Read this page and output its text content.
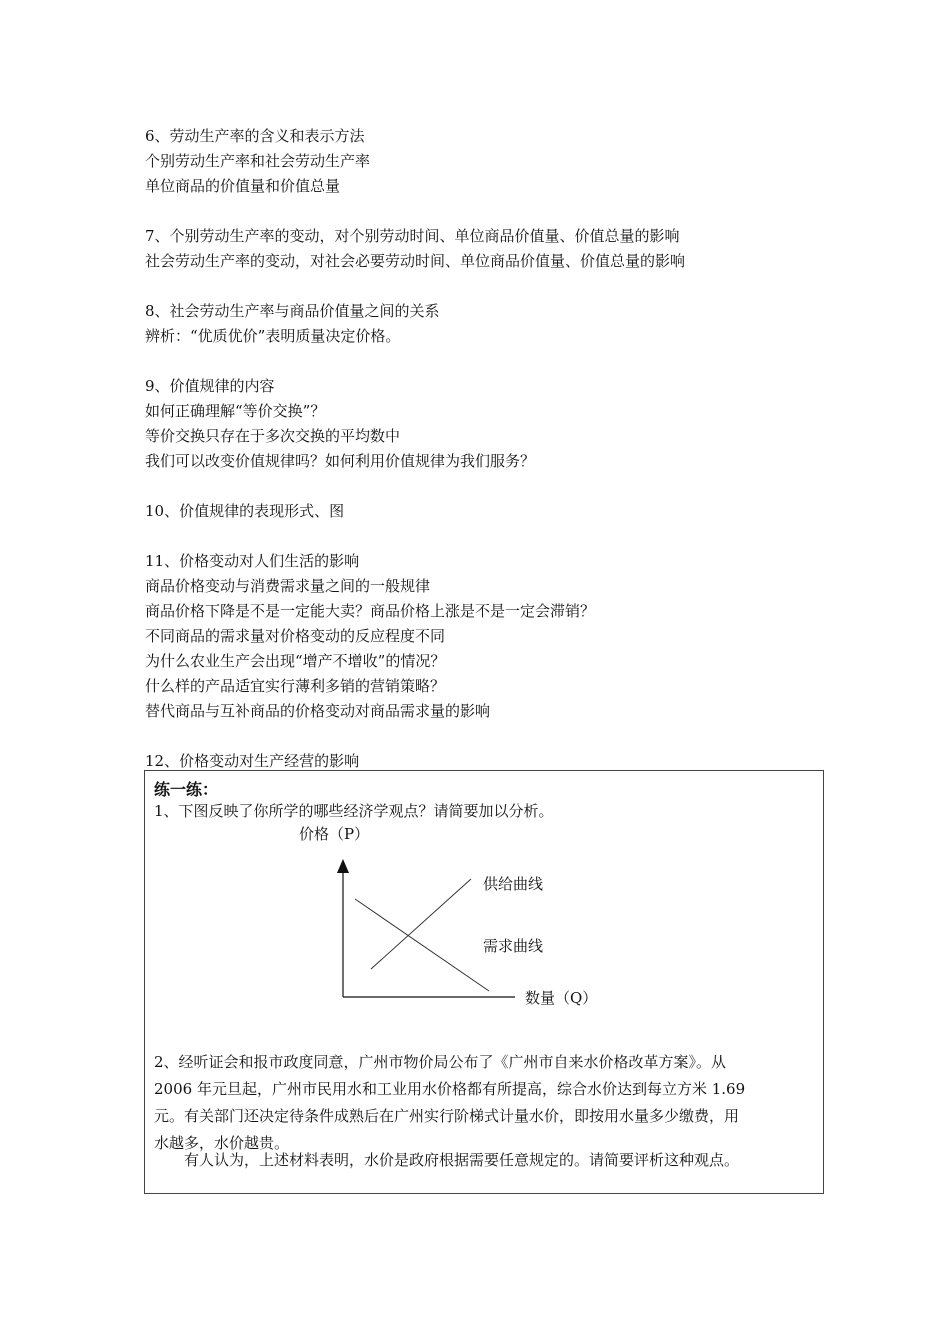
6、劳动生产率的含义和表示方法
个别劳动生产率和社会劳动生产率
单位商品的价值量和价值总量
7、个别劳动生产率的变动，对个别劳动时间、单位商品价值量、价值总量的影响
社会劳动生产率的变动，对社会必要劳动时间、单位商品价值量、价值总量的影响
8、社会劳动生产率与商品价值量之间的关系
辨析：“优质优价”表明质量决定价格。
9、价值规律的内容
如何正确理解“等价交换”？
等价交换只存在于多次交换的平均数中
我们可以改变价值规律吗？如何利用价值规律为我们服务？
10、价值规律的表现形式、图
11、价格变动对人们生活的影响
商品价格变动与消费需求量之间的一般规律
商品价格下降是不是一定能大卖？商品价格上涨是不是一定会滞销？
不同商品的需求量对价格变动的反应程度不同
为什么农业生产会出现“增产不增收”的情况？
什么样的产品适宜实行薄利多销的营销策略？
替代商品与互补商品的价格变动对商品需求量的影响
12、价格变动对生产经营的影响
练一练：
1、下图反映了你所学的哪些经济学观点？请简要加以分析。
价格（P）
供给曲线
需求曲线
数量（Q）
2、经听证会和报市政度同意，广州市物价局公布了《广州市自来水价格改革方案》。从
2006 年元旦起，广州市民用水和工业用水价格都有所提高，综合水价达到每立方米 1.69
元。有关部门还决定待条件成熟后在广州实行阶梯式计量水价，即按用水量多少缴费，用
水越多，水价越贵。
有人认为，上述材料表明，水价是政府根据需要任意规定的。请简要评析这种观点。
